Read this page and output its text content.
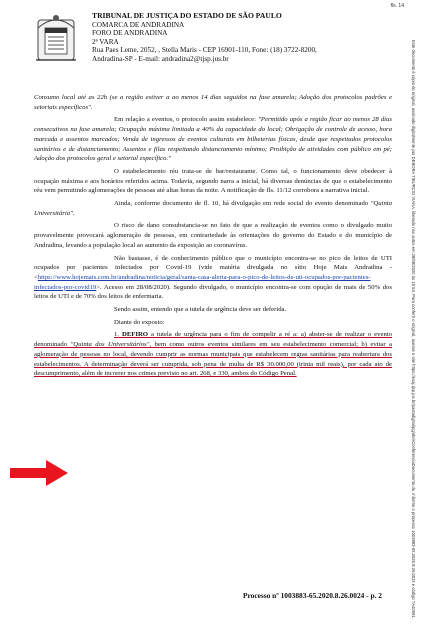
fls. 14
TRIBUNAL DE JUSTIÇA DO ESTADO DE SÃO PAULO
COMARCA DE ANDRADINA
FORO DE ANDRADINA
2ª VARA
Rua Paes Leme, 2052, , Stella Maris - CEP 16901-110, Fone: (18) 3722-8200,
Andradina-SP - E-mail: andradina2@tjsp.jus.br

Consumo local até as 22h (se a região estiver a ao menos 14 dias seguidos na fase amarela; Adoção dos protocolos padrões e setoriais específicos".

Em relação a eventos, o protocolo assim estabelece: "Permitido após a região ficar ao menos 28 dias consecutivos na fase amarela; Ocupação máxima limitada a 40% da capacidade do local; Obrigação de controle de acesso, hora marcada e assentos marcados; Venda de ingressos de eventos culturais em bilheterias físicas, desde que respeitados protocolos sanitários e de distanciamento; Assentos e filas respeitando distanciamento mínimo; Proibição de atividades com público em pé; Adoção dos protocolos geral e setorial específico."

O estabelecimento réu trata-se de bar/restaurante. Como tal, o funcionamento deve obedecer à ocupação máxima e aos horários referidos acima. Todavia, segundo narra a inicial, há diversas denúncias de que o estabelecimento réu vem permitindo aglomerações de pessoas até altas horas da noite. A notificação de fls. 11/12 corrobora a narrativa inicial.

Ainda, conforme documento de fl. 10, há divulgação em rede social do evento denominado "Quinta Universitária".

O risco de dano consubstancia-se no fato de que a realização de eventos como o divulgado muito provavelmente provocará aglomeração de pessoas, em contrariedade às orientações do governo do Estado e do município de Andradina, levando a população local ao aumento da exposição ao coronavírus.

Não bastasse, é de conhecimento público que o município encontra-se no pico de leitos de UTI ocupados por pacientes infectados por Covid-19 (vide matéria divulgada no sítio Hoje Mais Andradina - <https://www.hojemais.com.br/andradina/noticia/geral/santa-casa-alerta-para-o-pico-de-leitos-de-uti-ocupados-por-pacientes-infectados-por-covid19>. Acesso em 28/08/2020). Segundo divulgado, o município encontra-se com opução de mais de 50% dos leitos de UTI e de 70% dos leitos de enfermaria.

Sendo assim, entendo que a tutela de urgência deve ser deferida.

Diante do exposto:

1. DEFIRO a tutela de urgência para o fim de compelir a ré a: a) abster-se de realizar o evento denominado "Quinta dos Universitários", bem como outros eventos similares em seu estabelecimento comercial; b) evitar a aglomeração de pessoas no local, devendo cumprir as normas municipais que estabelecem regras sanitárias para reabertura dos estabelecimentos. A determinação deverá ser cumprida, sob pena de multa de R$ 30.000,00 (trinta mil reais), por cada ato de descumprimento, além de incorrer nos crimes previsto no art. 268, e 330, ambos do Código Penal.

Processo nº 1003883-65.2020.8.26.0024 - p. 2	Este documento é cópia do original, assinado digitalmente por DEBORA TIBURCIO VIANA, liberado nos autos em 28/08/2020 às 15:53. Para conferir o original, acesse o site https://esaj.tjsp.jus.br/pastadigital/pg/abrirConferenciaDocumento.do, informe o processo 1003883-65.2020.8.26.0024 e código 7A40591.
